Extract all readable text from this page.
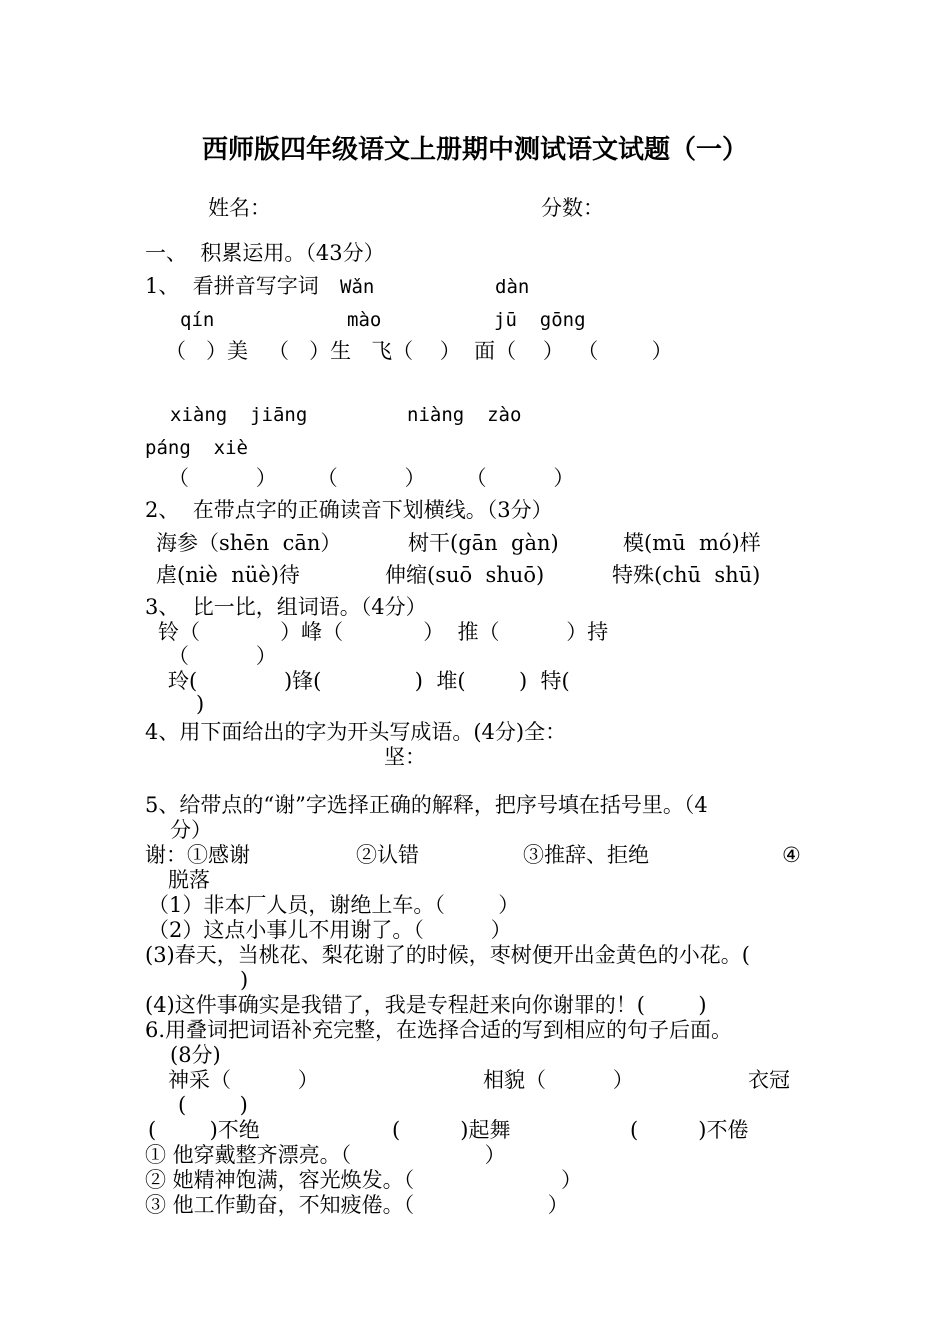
西师版四年级语文上册期中测试语文试题（一）
姓名：	分数：
一、  积累运用。（43分）
1、  看拼音写字词 Wǎn	dàn
qín	mào	jū  gōng
（   ）美   （   ）生   飞（    ）  面（    ）  （        ）
xiàng  jiāng	niàng  zào
páng  xiè
（          ）      （          ）      （          ）
2、  在带点字的正确读音下划横线。（3分）
海参（shēn  cān）	树干(gān  gàn)	模(mū  mó)样
虐(niè  nüè)待	伸缩(suō  shuō)	特殊(chū  shū)
3、  比一比，组词语。（4分）
铃（            ）峰（            ）  推（          ）持
（          ）
玲(             )锋(              )  堆(        )  特(
)
4、用下面给出的字为开头写成语。(4分)全：
坚：
5、给带点的“谢”字选择正确的解释，把序号填在括号里。（4
分）
谢：①感谢	②认错	③推辞、拒绝	④
脱落
（1）非本厂人员，谢绝上车。（        ）
（2）这点小事儿不用谢了。（          ）
(3)春天，当桃花、梨花谢了的时候，枣树便开出金黄色的小花。(
)
(4)这件事确实是我错了，我是专程赶来向你谢罪的！(        )
6.用叠词把词语补充完整，在选择合适的写到相应的句子后面。
(8分)
神采（          ）	相貌（          ）	衣冠
(        )
(        )不绝	(         )起舞	(         )不倦
① 他穿戴整齐漂亮。（                    ）
② 她精神饱满，容光焕发。（                      ）
③ 他工作勤奋，不知疲倦。（                    ）
